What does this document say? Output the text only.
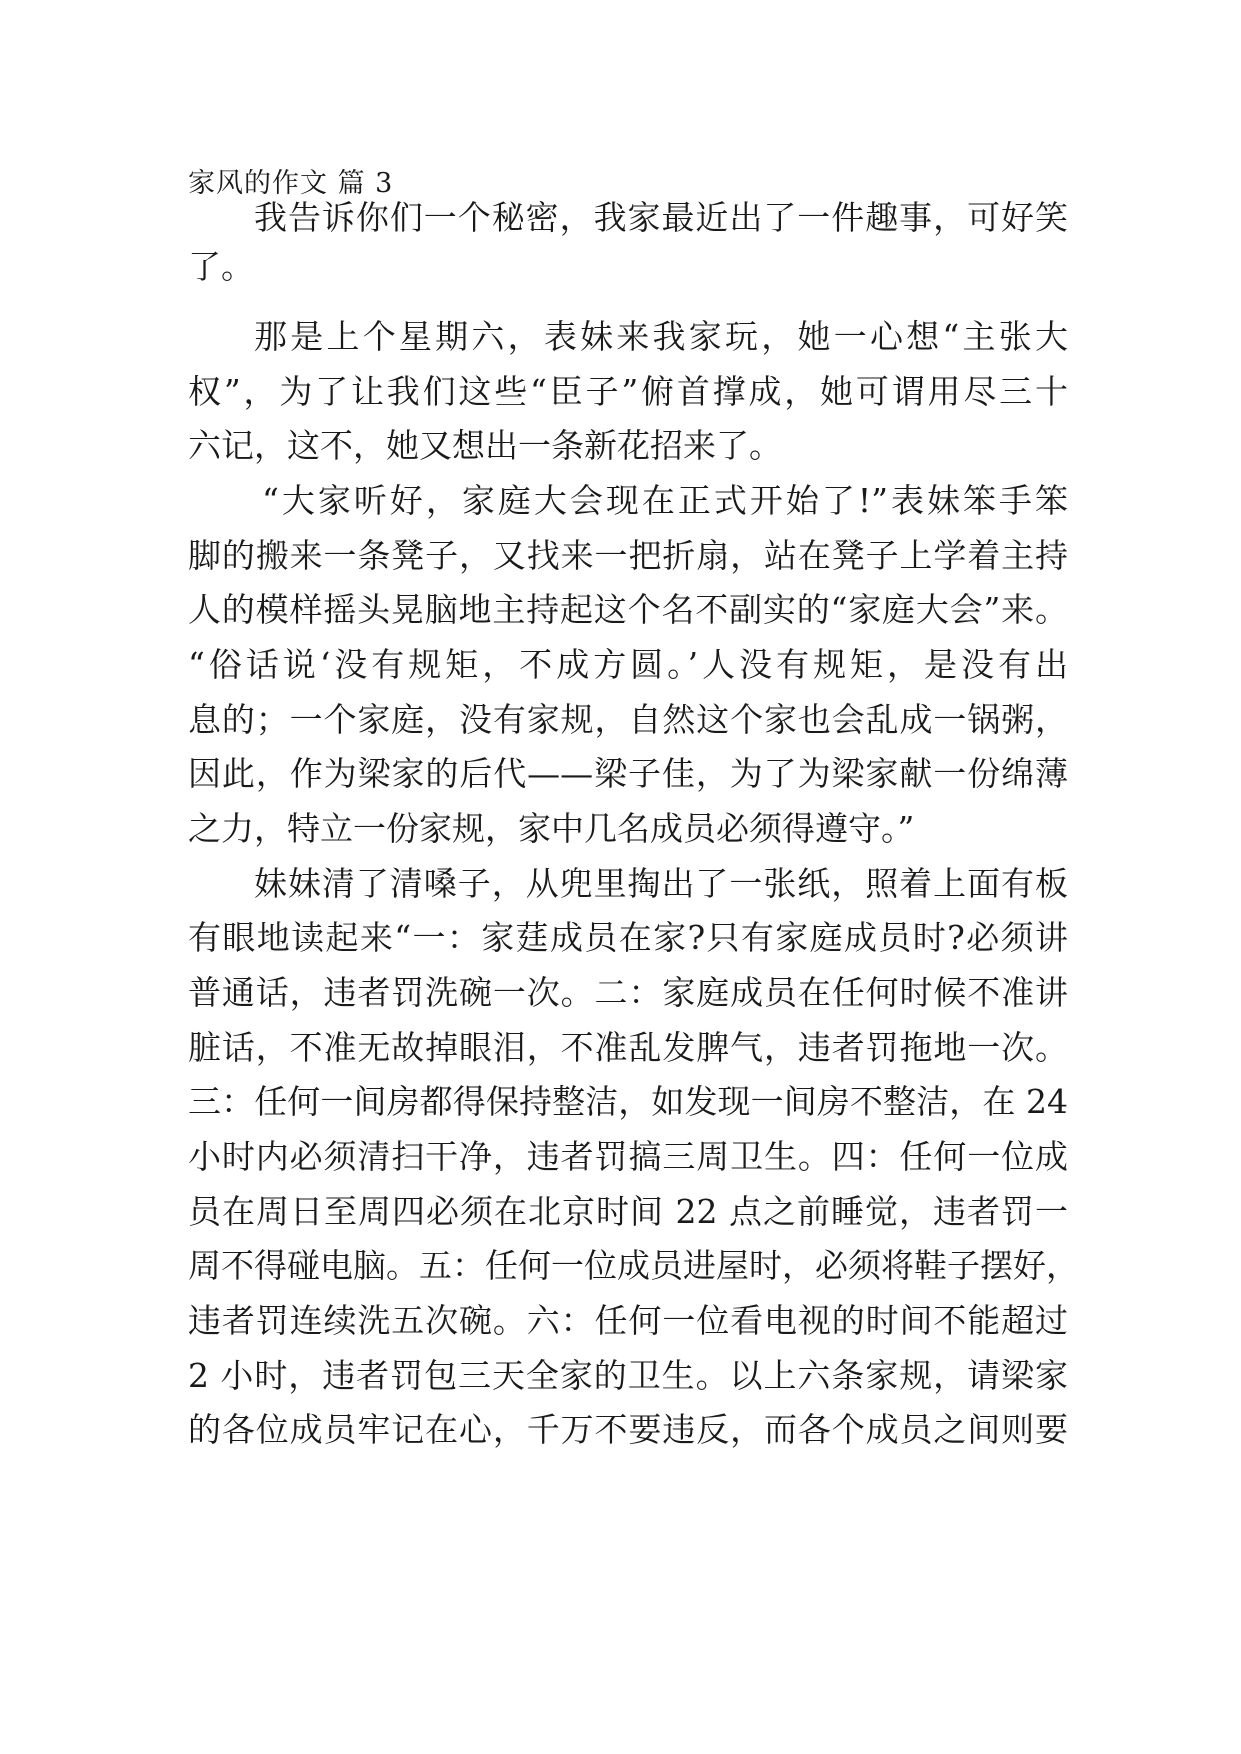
家风的作文 篇 3
我告诉你们一个秘密，我家最近出了一件趣事，可好笑
了。
那是上个星期六，表妹来我家玩，她一心想“主张大
权”，为了让我们这些“臣子”俯首撑成，她可谓用尽三十
六记，这不，她又想出一条新花招来了。
“大家听好，家庭大会现在正式开始了!”表妹笨手笨
脚的搬来一条凳子，又找来一把折扇，站在凳子上学着主持
人的模样摇头晃脑地主持起这个名不副实的“家庭大会”来。
“俗话说‘没有规矩，不成方圆。’人没有规矩，是没有出
息的；一个家庭，没有家规，自然这个家也会乱成一锅粥，
因此，作为梁家的后代——梁子佳，为了为梁家献一份绵薄
之力，特立一份家规，家中几名成员必须得遵守。”
妹妹清了清嗓子，从兜里掏出了一张纸，照着上面有板
有眼地读起来“一：家莛成员在家?只有家庭成员时?必须讲
普通话，违者罚洗碗一次。二：家庭成员在任何时候不准讲
脏话，不准无故掉眼泪，不准乱发脾气，违者罚拖地一次。
三：任何一间房都得保持整洁，如发现一间房不整洁，在 24
小时内必须清扫干净，违者罚搞三周卫生。四：任何一位成
员在周日至周四必须在北京时间 22 点之前睡觉，违者罚一
周不得碰电脑。五：任何一位成员进屋时，必须将鞋子摆好，
违者罚连续洗五次碗。六：任何一位看电视的时间不能超过
2 小时，违者罚包三天全家的卫生。以上六条家规，请梁家
的各位成员牢记在心，千万不要违反，而各个成员之间则要
